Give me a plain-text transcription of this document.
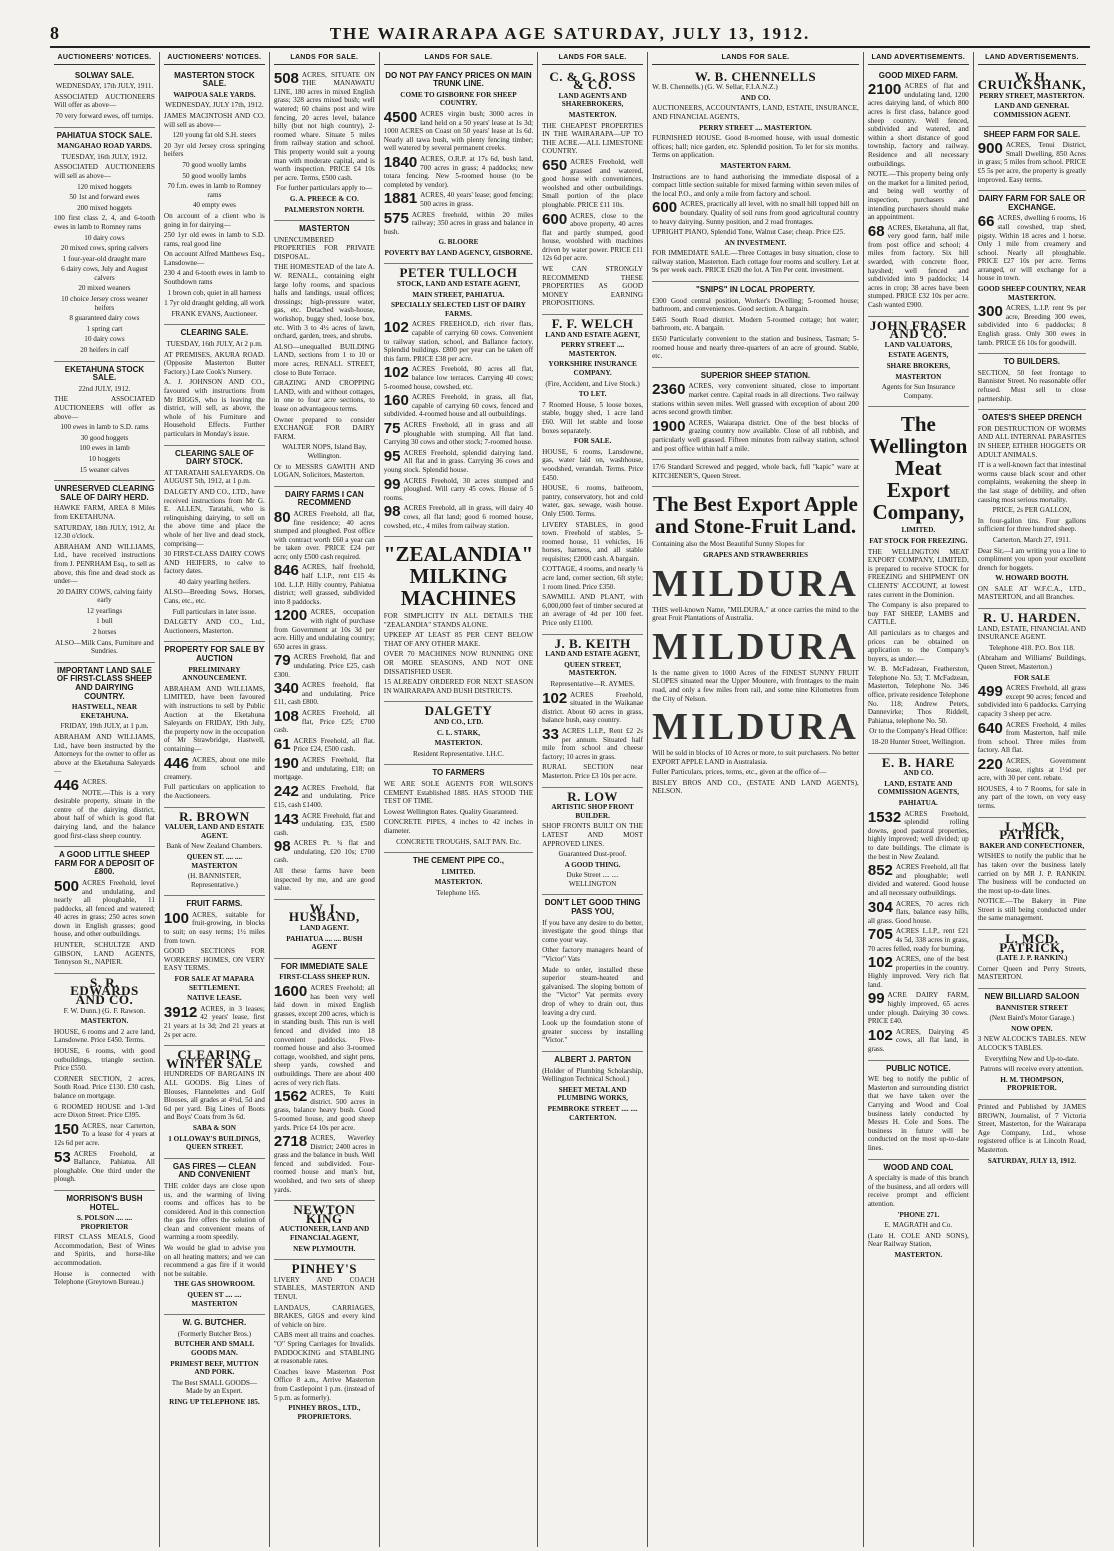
8	THE WAIRARAPA AGE SATURDAY, JULY 13, 1912.
AUCTIONEERS' NOTICES.
SOLWAY SALE.

WEDNESDAY, 17th JULY, 1911.

ASSOCIATED AUCTIONEERS Will offer as above—

70 very forward ewes, off turnips.

PAHIATUA STOCK SALE.

MANGAHAO ROAD YARDS.

TUESDAY, 16th JULY, 1912.

ASSOCIATED AUCTIONEERS will sell as above—

120 mixed hoggets

50 1st and forward ewes

200 mixed hoggets

100 first class 2, 4, and 6-tooth ewes in lamb to Romney rams

10 dairy cows

20 mixed cows, spring calvers

1 four-year-old draught mare

6 dairy cows, July and August calvers

20 mixed weaners

10 choice Jersey cross weaner heifers

8 guaranteed dairy cows

1 spring cart

10 dairy cows

20 heifers in calf

EKETAHUNA STOCK SALE.

22nd JULY, 1912.

THE ASSOCIATED AUCTIONEERS will offer as above—

100 ewes in lamb to S.D. rams

30 good hoggets

100 ewes in lamb

10 hoggets

15 weaner calves

UNRESERVED CLEARING SALE OF DAIRY HERD.

HAWKE FARM, AREA 8 Miles from EKETAHUNA.

SATURDAY, 18th JULY, 1912, At 12.30 o'clock.

ABRAHAM AND WILLIAMS, Ltd., have received instructions from J. PENRHAM Esq., to sell as above, this fine and dead stock as under—

20 DAIRY COWS, calving fairly early

12 yearlings

1 bull

2 horses

ALSO—Milk Cans, Furniture and Sundries.

IMPORTANT LAND SALE OF FIRST-CLASS SHEEP AND DAIRYING COUNTRY.

HASTWELL, NEAR EKETAHUNA.

FRIDAY, 19th JULY, at 1 p.m.

ABRAHAM AND WILLIAMS, Ltd., have been instructed by the Attorneys for the owner to offer as above at the Eketahuna Saleyards—

446 ACRES.

NOTE.—This is a very desirable property, situate in the centre of the dairying district, about half of which is good flat dairying land, and the balance good first-class sheep country.

A GOOD LITTLE SHEEP FARM FOR A DEPOSIT OF £800.

500 ACRES Freehold, level and undulating, and nearly all ploughable, 11 paddocks, all fenced and watered; 40 acres in grass; 250 acres sown down in English grasses; good house, and other outbuildings.

HUNTER, SCHULTZE AND GIBSON, LAND AGENTS, Tennyson St., NAPIER.

S. R. EDWARDS AND CO.

F. W. Dunn.) (G. F. Rawson.

MASTERTON.

HOUSE, 6 rooms and 2 acre land, Lansdowne. Price £450. Terms.

HOUSE, 6 rooms, with good outbuildings, triangle section. Price £550.

CORNER SECTION, 2 acres, South Road. Price £130. £30 cash, balance on mortgage.

6 ROOMED HOUSE and 1-3rd acre Dixon Street. Price £395.

150 ACRES, near Carterton, To a lease for 4 years at 12s 6d per acre.

53 ACRES Freehold, at Ballance, Pahiatua. All ploughable. One third under the plough.

MORRISON'S BUSH HOTEL.

S. POLSON .... .... PROPRIETOR

FIRST CLASS MEALS, Good Accommodation, Best of Wines and Spirits, and horse-like accommodation.

House is connected with Telephone (Greytown Bureau.)

AUCTIONEERS' NOTICES.
MASTERTON STOCK SALE.

WAIPOUA SALE YARDS.

WEDNESDAY, JULY 17th, 1912.

JAMES MACINTOSH AND CO. will sell as above—

120 young fat old S.H. steers

20 3yr old Jersey cross springing heifers

70 good woolly lambs

50 good woolly lambs

70 f.m. ewes in lamb to Romney rams

40 empty ewes

On account of a client who is going in for dairying—

250 1yr old ewes in lamb to S.D. rams, real good line

On account Alfred Matthews Esq., Lansdowne—

230 4 and 6-tooth ewes in lamb to Southdown rams

1 brown cob, quiet in all harness

1 7yr old draught gelding, all work

FRANK EVANS, Auctioneer.

CLEARING SALE.

TUESDAY, 16th JULY, At 2 p.m.

AT PREMISES, AKURA ROAD. (Opposite Masterton Butter Factory.) Late Cook's Nursery.

A. J. JOHNSON AND CO., favoured with instructions from Mr BIGGS, who is leaving the district, will sell, as above, the whole of his Furniture and Household Effects. Further particulars in Monday's issue.

CLEARING SALE OF DAIRY STOCK.

AT TARATAHI SALEYARDS. On AUGUST 5th, 1912, at 1 p.m.

DALGETY AND CO., LTD., have received instructions from Mr G. E. ALLEN, Taratahi, who is relinquishing dairying, to sell on the above time and place the whole of her live and dead stock, comprising—

30 FIRST-CLASS DAIRY COWS AND HEIFERS, to calve to factory dates.

40 dairy yearling heifers.

ALSO—Breeding Sows, Horses, Cans, etc., etc.

Full particulars in later issue.

DALGETY AND CO., Ltd., Auctioneers, Masterton.

PROPERTY FOR SALE BY AUCTION

PRELIMINARY ANNOUNCEMENT.

ABRAHAM AND WILLIAMS, LIMITED, have been favoured with instructions to sell by Public Auction at the Eketahuna Saleyards on FRIDAY, 19th July, the property now in the occupation of Mr Strawbridge, Hastwell, containing—

446 ACRES, about one mile from school and creamery.

Full particulars on application to the Auctioneers.

R. BROWN

VALUER, LAND AND ESTATE AGENT.

Bank of New Zealand Chambers.

QUEEN ST. .... .... MASTERTON

(H. BANNISTER, Representative.)

FRUIT FARMS.

100 ACRES, suitable for fruit-growing, in blocks to suit; on easy terms; 1½ miles from town.

GOOD SECTIONS FOR WORKERS' HOMES, ON VERY EASY TERMS.

FOR SALE AT MAPARA SETTLEMENT.

NATIVE LEASE.

3912 ACRES, in 3 leases; 42 years' lease, first 21 years at 1s 3d; 2nd 21 years at 2s per acre.

CLEARING WINTER SALE

HUNDREDS OF BARGAINS IN ALL GOODS. Big Lines of Blouses, Flannelettes and Golf Blouses, all grades at 4½d, 5d and 6d per yard. Big Lines of Boots and Boys' Coats from 3s 6d.

SABA & SON

1 OLLOWAY'S BUILDINGS, QUEEN STREET.

GAS FIRES — CLEAN AND CONVENIENT

THE colder days are close upon us, and the warming of living rooms and offices has to be considered. And in this connection the gas fire offers the solution of clean and convenient means of warming a room speedily.

We would be glad to advise you on all heating matters; and we can recommend a gas fire if it would not be suitable.

THE GAS SHOWROOM.

QUEEN ST .... .... MASTERTON

W. G. BUTCHER.

(Formerly Butcher Bros.)

BUTCHER AND SMALL GOODS MAN.

PRIMEST BEEF, MUTTON AND PORK.

The Best SMALL GOODS—Made by an Expert.

RING UP TELEPHONE 185.

LANDS FOR SALE.

508 ACRES, SITUATE ON THE MANAWATU LINE, 180 acres in mixed English grass; 328 acres mixed bush; well watered; 60 chains post and wire fencing, 20 acres level, balance hilly (but not high country), 2-roomed whare. Situate 5 miles from railway station and school. This property would suit a young man with moderate capital, and is worth inspection. PRICE £4 10s per acre. Terms, £500 cash.

For further particulars apply to—

G. A. PREECE & CO.

PALMERSTON NORTH.

MASTERTON

UNENCUMBERED PROPERTIES FOR PRIVATE DISPOSAL.

THE HOMESTEAD of the late A. W. RENALL, containing eight large lofty rooms, and spacious halls and landings, usual offices; dressings; high-pressure water, gas, etc. Detached wash-house, workshop, buggy shed, loose box, etc. With 3 to 4½ acres of lawn, orchard, garden, trees, and shrubs.

ALSO—unequalled BUILDING LAND, sections from 1 to 10 or more acres, RENALL STREET, close to Bute Terrace.

GRAZING AND CROPPING LAND, with and without cottages, in one to four acre sections, to lease on advantageous terms.

Owner prepared to consider EXCHANGE FOR DAIRY FARM.

WALTER NOPS, Island Bay, Wellington.

Or to MESSRS GAWITH AND LOGAN, Solicitors, Masterton.

DAIRY FARMS I CAN RECOMMEND

80 ACRES Freehold, all flat, fine residence; 40 acres stumped and ploughed. Post office with contract worth £60 a year can be taken over. PRICE £24 per acre; only £500 cash required.

846 ACRES, half freehold, half L.I.P., rent £15 4s 10d. L.I.P. Hilly country, Pahiatua district; well grassed, subdivided into 8 paddocks.

1200 ACRES, occupation with right of purchase from Government at 10s 3d per acre. Hilly and undulating country; 650 acres in grass.

79 ACRES Freehold, flat and undulating. Price £25, cash £300.

340 ACRES freehold, flat and undulating. Price £11, cash £800.

108 ACRES Freehold, all flat, Price £25; £700 cash.

61 ACRES Freehold, all flat. Price £24, £500 cash.

190 ACRES Freehold, flat and undulating, £18; on mortgage.

242 ACRES Freehold, flat and undulating. Price £15, cash £1400.

143 ACRE Freehold, flat and undulating. £35, £500 cash.

98 ACRES Pt. ¾ flat and undulating, £20 10s; £700 cash.

All these farms have been inspected by me, and are good value.

W. I. HUSBAND,

LAND AGENT.

PAHIATUA .... .... BUSH AGENT

FOR IMMEDIATE SALE

FIRST-CLASS SHEEP RUN.

1600 ACRES Freehold; all has been very well laid down in mixed English grasses, except 200 acres, which is in standing bush. This run is well fenced and divided into 18 convenient paddocks. Five-roomed house and also 3-roomed cottage, woolshed, and sight pens, sheep yards, cowshed and outbuildings. There are about 400 acres of very rich flats.

1562 ACRES, Te Kuiti district. 500 acres in grass, balance heavy bush. Good 5-roomed house, and good sheep yards. Price £4 10s per acre.

2718 ACRES, Waverley District; 2400 acres in grass and the balance in bush. Well fenced and subdivided. Four-roomed house and man's hut, woolshed, and two sets of sheep yards.

NEWTON KING

AUCTIONEER, LAND AND FINANCIAL AGENT,

NEW PLYMOUTH.

PINHEY'S

LIVERY AND COACH STABLES, MASTERTON AND TENUI.

LANDAUS, CARRIAGES, BRAKES, GIGS and every kind of vehicle on hire.

CABS meet all trains and coaches. "O" Spring Carriages for Invalids. PADDOCKING and STABLING at reasonable rates.

Coaches leave Masterton Post Office 8 a.m., Arrive Masterton from Castlepoint 1 p.m. (instead of 5 p.m. as formerly).

PINHEY BROS., LTD., PROPRIETORS.

LANDS FOR SALE.
DO NOT PAY FANCY PRICES ON MAIN TRUNK LINE.

COME TO GISBORNE FOR SHEEP COUNTRY.

4500 ACRES virgin bush; 3000 acres in land held on a 50 years' lease at 1s 3d; 1000 ACRES on Coast on 50 years' lease at 1s 6d. Nearly all tawa bush, with plenty fencing timber; well watered by several permanent creeks.

1840 ACRES, O.R.P. at 17s 6d, bush land, 700 acres in grass; 4 paddocks; new totara fencing. New 5-roomed house (to be completed by vendor).

1881 ACRES, 40 years' lease; good fencing; 500 acres in grass.

575 ACRES freehold, within 20 miles railway; 350 acres in grass and balance in bush.

G. BLOORE

POVERTY BAY LAND AGENCY, GISBORNE.

PETER TULLOCH

STOCK, LAND AND ESTATE AGENT,

MAIN STREET, PAHIATUA.

SPECIALLY SELECTED LIST OF DAIRY FARMS.

102 ACRES FREEHOLD, rich river flats, capable of carrying 60 cows. Convenient to railway station, school, and Ballance factory. Splendid buildings. £800 per year can be taken off this farm. PRICE £38 per acre.

102 ACRES Freehold, 80 acres all flat, balance low terraces. Carrying 40 cows; 5-roomed house, cowshed, etc.

160 ACRES Freehold, in grass, all flat, capable of carrying 60 cows, fenced and subdivided. 4-roomed house and all outbuildings.

75 ACRES Freehold, all in grass and all ploughable with stumping. All flat land. Carrying 30 cows and other stock; 7-roomed house.

95 ACRES Freehold, splendid dairying land. All flat and in grass. Carrying 36 cows and young stock. Splendid house.

99 ACRES Freehold, 30 acres stumped and ploughed. Will carry 45 cows. House of 5 rooms.

98 ACRES Freehold, all in grass, will dairy 40 cows, all flat land; good 6 roomed house, cowshed, etc., 4 miles from railway station.

"ZEALANDIA" MILKING MACHINES

FOR SIMPLICITY IN ALL DETAILS THE "ZEALANDIA" STANDS ALONE.

UPKEEP AT LEAST 85 PER CENT BELOW THAT OF ANY OTHER MAKE.

OVER 70 MACHINES NOW RUNNING ONE OR MORE SEASONS, AND NOT ONE DISSATISFIED USER.

15 ALREADY ORDERED FOR NEXT SEASON IN WAIRARAPA AND BUSH DISTRICTS.

DALGETY

AND CO., LTD.

C. L. STARK,

MASTERTON.

Resident Representative. I.H.C.

TO FARMERS

WE ARE SOLE AGENTS FOR WILSON'S CEMENT Established 1885. HAS STOOD THE TEST OF TIME.

Lowest Wellington Rates. Quality Guaranteed.

CONCRETE PIPES, 4 inches to 42 inches in diameter.

CONCRETE TROUGHS, SALT PAN. Etc.

THE CEMENT PIPE CO.,

LIMITED.

MASTERTON.

Telephone 165.

LANDS FOR SALE.
C. & G. ROSS & CO.

LAND AGENTS AND SHAREBROKERS,

MASTERTON.

THE CHEAPEST PROPERTIES IN THE WAIRARAPA—UP TO THE ACRE.—ALL LIMESTONE COUNTRY.

650 ACRES Freehold, well grassed and watered, good house with conveniences, woolshed and other outbuildings. Small portion of the place ploughable. PRICE £11 10s.

600 ACRES, close to the above property, 40 acres flat and partly stumped, good house, woolshed with machines driven by water power. PRICE £11 12s 6d per acre.

WE CAN STRONGLY RECOMMEND THESE PROPERTIES AS GOOD MONEY EARNING PROPOSITIONS.

F. F. WELCH

LAND AND ESTATE AGENT,

PERRY STREET .... MASTERTON.

YORKSHIRE INSURANCE COMPANY.

(Fire, Accident, and Live Stock.)

TO LET.

7 Roomed House, 5 loose boxes, stable, buggy shed, 1 acre land £60. Will let stable and loose boxes separately.

FOR SALE.

HOUSE, 6 rooms, Lansdowne, gas, water laid on, washhouse, woodshed, verandah. Terms. Price £450.

HOUSE, 6 rooms, bathroom, pantry, conservatory, hot and cold water, gas, sewage, wash house. Only £500. Terms.

LIVERY STABLES, in good town. Freehold of stables, 5-roomed house, 11 vehicles, 16 horses, harness, and all stable requisites; £2000 cash. A bargain.

COTTAGE, 4 rooms, and nearly ¼ acre land, corner section, 6ft style; 1 room lined. Price £350.

SAWMILL AND PLANT, with 6,000,000 feet of timber secured at an average of 4d per 100 feet. Price only £1100.

J. B. KEITH

LAND AND ESTATE AGENT,

QUEEN STREET, MASTERTON.

Representative—R. AYMES.

102 ACRES Freehold, situated in the Waikanae district. About 60 acres in grass, balance bush, easy country.

33 ACRES L.I.P., Rent £2 2s per annum. Situated half mile from school and cheese factory; 10 acres in grass.

RURAL SECTION near Masterton. Price £3 10s per acre.

R. LOW

ARTISTIC SHOP FRONT BUILDER.

SHOP FRONTS BUILT ON THE LATEST AND MOST APPROVED LINES.

Guaranteed Dust-proof.

A GOOD THING.

Duke Street .... .... WELLINGTON

DON'T LET GOOD THING PASS YOU,

If you have any desire to do better, investigate the good things that come your way.

Other factory managers heard of "Victor" Vats

Made to order, installed these superior steam-heated and galvanised. The sloping bottom of the "Victor" Vat permits every drop of whey to drain out, thus leaving a dry curd.

Look up the foundation stone of greater success by installing "Victor."

ALBERT J. PARTON

(Holder of Plumbing Scholarship, Wellington Technical School.)

SHEET METAL AND PLUMBING WORKS,

PEMBROKE STREET .... .... CARTERTON.

LANDS FOR SALE.
W. B. CHENNELLS

W. B. Chennells.) (G. W. Sellar, F.I.A.N.Z.)

AND CO.

AUCTIONEERS, ACCOUNTANTS, LAND, ESTATE, INSURANCE, AND FINANCIAL AGENTS,

PERRY STREET .... MASTERTON.

FURNISHED HOUSE. Good 8-roomed house, with usual domestic offices; hall; nice garden, etc. Splendid position. To let for six months. Terms on application.

MASTERTON FARM.

Instructions are to hand authorising the immediate disposal of a compact little section suitable for mixed farming within seven miles of the local P.O., and only a mile from factory and school.

600 ACRES, practically all level, with no small hill topped hill on boundary. Quality of soil runs from good agricultural country to heavy dairying. Sunny position, and 2 road frontages.

UPRIGHT PIANO, Splendid Tone, Walnut Case; cheap. Price £25.

AN INVESTMENT.

FOR IMMEDIATE SALE.—Three Cottages in busy situation, close to railway station, Masterton. Each cottage four rooms and scullery. Let at 9s per week each. PRICE £620 the lot. A Ten Per cent. investment.

"SNIPS" IN LOCAL PROPERTY.

£300 Good central position, Worker's Dwelling; 5-roomed house; bathroom, and conveniences. Good section. A bargain.

£465 South Road district. Modern 5-roomed cottage; hot water; bathroom, etc. A bargain.

£650 Particularly convenient to the station and business, Tasman; 5-roomed house and nearly three-quarters of an acre of ground. Stable, etc.

SUPERIOR SHEEP STATION.

2360 ACRES, very convenient situated, close to important market centre. Capital roads in all directions. Two railway stations within seven miles. Well grassed with exception of about 200 acres second growth timber.

1900 ACRES, Waiarapa district. One of the best blocks of grazing country now available. Close of all rubbish, and particularly well grassed. Fifteen minutes from railway station, school and post office within half a mile.

17/6 Standard Screwed and pegged, whole back, full "kapic" ware at KITCHENER'S, Queen Street.

The Best Export Apple and Stone-Fruit Land.

Containing also the Most Beautiful Sunny Slopes for

GRAPES AND STRAWBERRIES

MILDURA

THIS well-known Name, "MILDURA," at once carries the mind to the great Fruit Plantations of Australia.

MILDURA

Is the name given to 1000 Acres of the FINEST SUNNY FRUIT SLOPES situated near the Upper Moutere, with frontages to the main road, and only a few miles from rail, and some nine Kilometres from the City of Nelson.

MILDURA

Will be sold in blocks of 10 Acres or more, to suit purchasers. No better EXPORT APPLE LAND in Australasia.

Fuller Particulars, prices, terms, etc., given at the office of—

BISLEY BROS AND CO., (ESTATE AND LAND AGENTS), NELSON.

LAND ADVERTISEMENTS.
GOOD MIXED FARM.

2100 ACRES of flat and undulating land, 1200 acres dairying land, of which 800 acres is first class, balance good sheep country. Well fenced, subdivided and watered, and within a short distance of good township, factory and railway. Residence and all necessary outbuildings.

NOTE.—This property being only on the market for a limited period, and being well worthy of inspection, purchasers and intending purchasers should make an appointment.

68 ACRES, Eketahuna, all flat, very good farm, half mile from post office and school; 4 miles from factory. Six hill swarded, with concrete floor, hayshed; well fenced and subdivided into 9 paddocks; 14 acres in crop; 38 acres have been stumped. PRICE £32 10s per acre. Cash wanted £900.

JOHN FRASER AND CO.

LAND VALUATORS,

ESTATE AGENTS,

SHARE BROKERS,

MASTERTON

Agents for Sun Insurance Company.

The Wellington Meat Export Company,

LIMITED.

FAT STOCK FOR FREEZING.

THE WELLINGTON MEAT EXPORT COMPANY, LIMITED, is prepared to receive STOCK for FREEZING and SHIPMENT ON CLIENTS' ACCOUNT, at lowest rates current in the Dominion.

The Company is also prepared to buy FAT SHEEP, LAMBS and CATTLE.

All particulars as to charges and prices can be obtained on application to the Company's buyers, as under:—

W. B. McFadzean, Featherston, Telephone No. 53; T. McFadzean, Masterton, Telephone No. 346 office, private residence Telephone No. 118; Andrew Peters, Dannevirke; Thos Riddell, Pahiatua, telephone No. 50.

Or to the Company's Head Office:

18-20 Hunter Street, Wellington.

E. B. HARE

AND CO.

LAND, ESTATE AND COMMISSION AGENTS,

PAHIATUA.

1532 ACRES Freehold, splendid rolling downs, good pastoral properties, highly improved; well divided; up to date buildings. The climate is the best in New Zealand.

852 ACRES Freehold, all flat and ploughable; well divided and watered. Good house and all necessary outbuildings.

304 ACRES, 70 acres rich flats, balance easy hills, all grass. Good house.

705 ACRES L.I.P., rent £21 4s 5d, 338 acres in grass, 70 acres felled, ready for burning.

102 ACRES, one of the best properties in the country. Highly improved. Very rich flat land.

99 ACRE DAIRY FARM, highly improved, 65 acres under plough. Dairying 30 cows. PRICE £40.

102 ACRES, Dairying 45 cows, all flat land, in grass.

PUBLIC NOTICE.

WE beg to notify the public of Masterton and surrounding district that we have taken over the Carrying and Wood and Coal business lately conducted by Messrs H. Cole and Sons. The business in future will be conducted on the most up-to-date lines.

WOOD AND COAL

A specialty is made of this branch of the business, and all orders will receive prompt and efficient attention.

'PHONE 271.

E. MAGRATH and Co.

(Late H. COLE AND SONS), Near Railway Station,

MASTERTON.

LAND ADVERTISEMENTS.
W. H. CRUICKSHANK,

PERRY STREET, MASTERTON.

LAND AND GENERAL COMMISSION AGENT.

SHEEP FARM FOR SALE.

900 ACRES, Tenui District, Small Dwelling, 850 Acres in grass; 5 miles from school. PRICE £5 5s per acre, the property is greatly improved. Easy terms.

DAIRY FARM FOR SALE OR EXCHANGE.

66 ACRES, dwelling 6 rooms, 16 stall cowshed, trap shed, pigsty. Within 18 acres and 1 horse. Only 1 mile from creamery and school. Nearly all ploughable. PRICE £27 10s per acre. Terms arranged, or will exchange for a house in town.

GOOD SHEEP COUNTRY, NEAR MASTERTON.

300 ACRES, L.I.P. rent 9s per acre, Breeding 300 ewes, subdivided into 6 paddocks; 8 English grass. Only 300 ewes in lamb. PRICE £6 10s for goodwill.

TO BUILDERS.

SECTION, 50 feet frontage to Bannister Street. No reasonable offer refused. Must sell to close partnership.

OATES'S SHEEP DRENCH

FOR DESTRUCTION OF WORMS AND ALL INTERNAL PARASITES IN SHEEP, EITHER HOGGETS OR ADULT ANIMALS.

IT is a well-known fact that intestinal worms cause black scour and other complaints, weakening the sheep in the last stage of debility, and often causing most serious mortality.

PRICE, 2s PER GALLON,

In four-gallon tins. Four gallons sufficient for three hundred sheep.

Carterton, March 27, 1911.

Dear Sir,—I am writing you a line to compliment you upon your excellent drench for hoggets.

W. HOWARD BOOTH.

ON SALE AT W.F.C.A., LTD., MASTERTON, and all Branches.

R. U. HARDEN.

LAND, ESTATE, FINANCIAL AND INSURANCE AGENT.

Telephone 418. P.O. Box 118.

(Abraham and Williams' Buildings, Queen Street, Masterton.)

FOR SALE

499 ACRES Freehold, all grass except 90 acres; fenced and subdivided into 6 paddocks. Carrying capacity 3 sheep per acre.

640 ACRES Freehold, 4 miles from Masterton, half mile from school. Three miles from factory. All flat.

220 ACRES, Government lease, rights at 1½d per acre, with 30 per cent. rebate.

HOUSES, 4 to 7 Rooms, for sale in any part of the town, on very easy terms.

L. MCD. PATRICK,

BAKER AND CONFECTIONER,

WISHES to notify the public that he has taken over the business lately carried on by MR J. P. RANKIN. The business will be conducted on the most up-to-date lines.

NOTICE.—The Bakery in Pine Street is still being conducted under the same management.

L. MCD. PATRICK,

(LATE J. P. RANKIN.)

Corner Queen and Perry Streets, MASTERTON.

NEW BILLIARD SALOON

BANNISTER STREET

(Next Baird's Motor Garage.)

NOW OPEN.

3 NEW ALCOCK'S TABLES. NEW ALCOCK'S TABLES.

Everything New and Up-to-date.

Patrons will receive every attention.

H. M. THOMPSON, PROPRIETOR.

Printed and Published by JAMES BROWN, Journalist, of 7 Victoria Street, Masterton, for the Wairarapa Age Company, Ltd., whose registered office is at Lincoln Road, Masterton.

SATURDAY, JULY 13, 1912.
